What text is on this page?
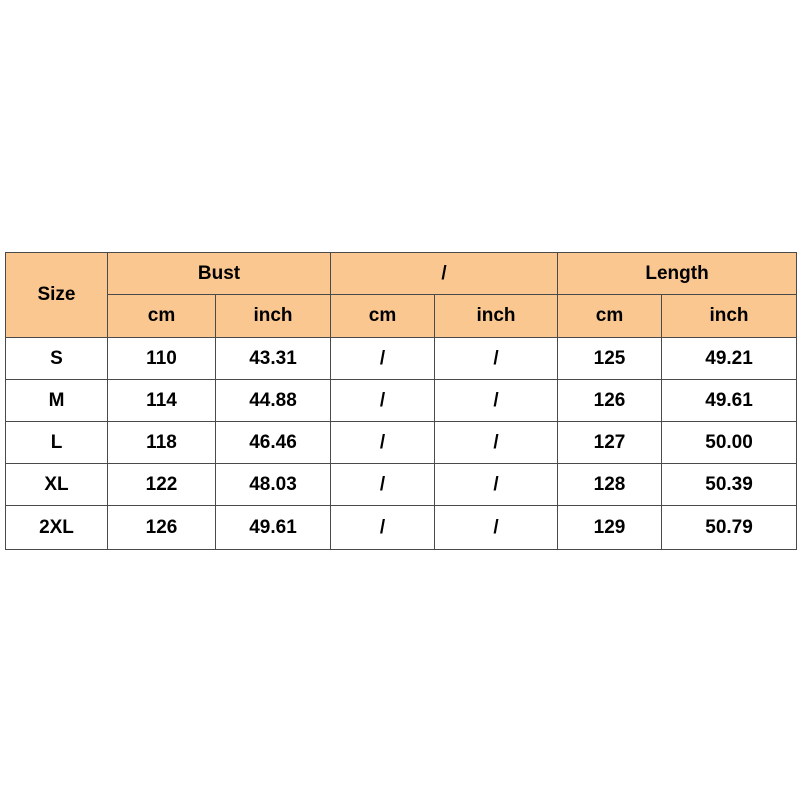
Size	Bust		/		Length	
	cm	inch	cm	inch	cm	inch
S	110	43.31	/	/	125	49.21
M	114	44.88	/	/	126	49.61
L	118	46.46	/	/	127	50.00
XL	122	48.03	/	/	128	50.39
2XL	126	49.61	/	/	129	50.79
